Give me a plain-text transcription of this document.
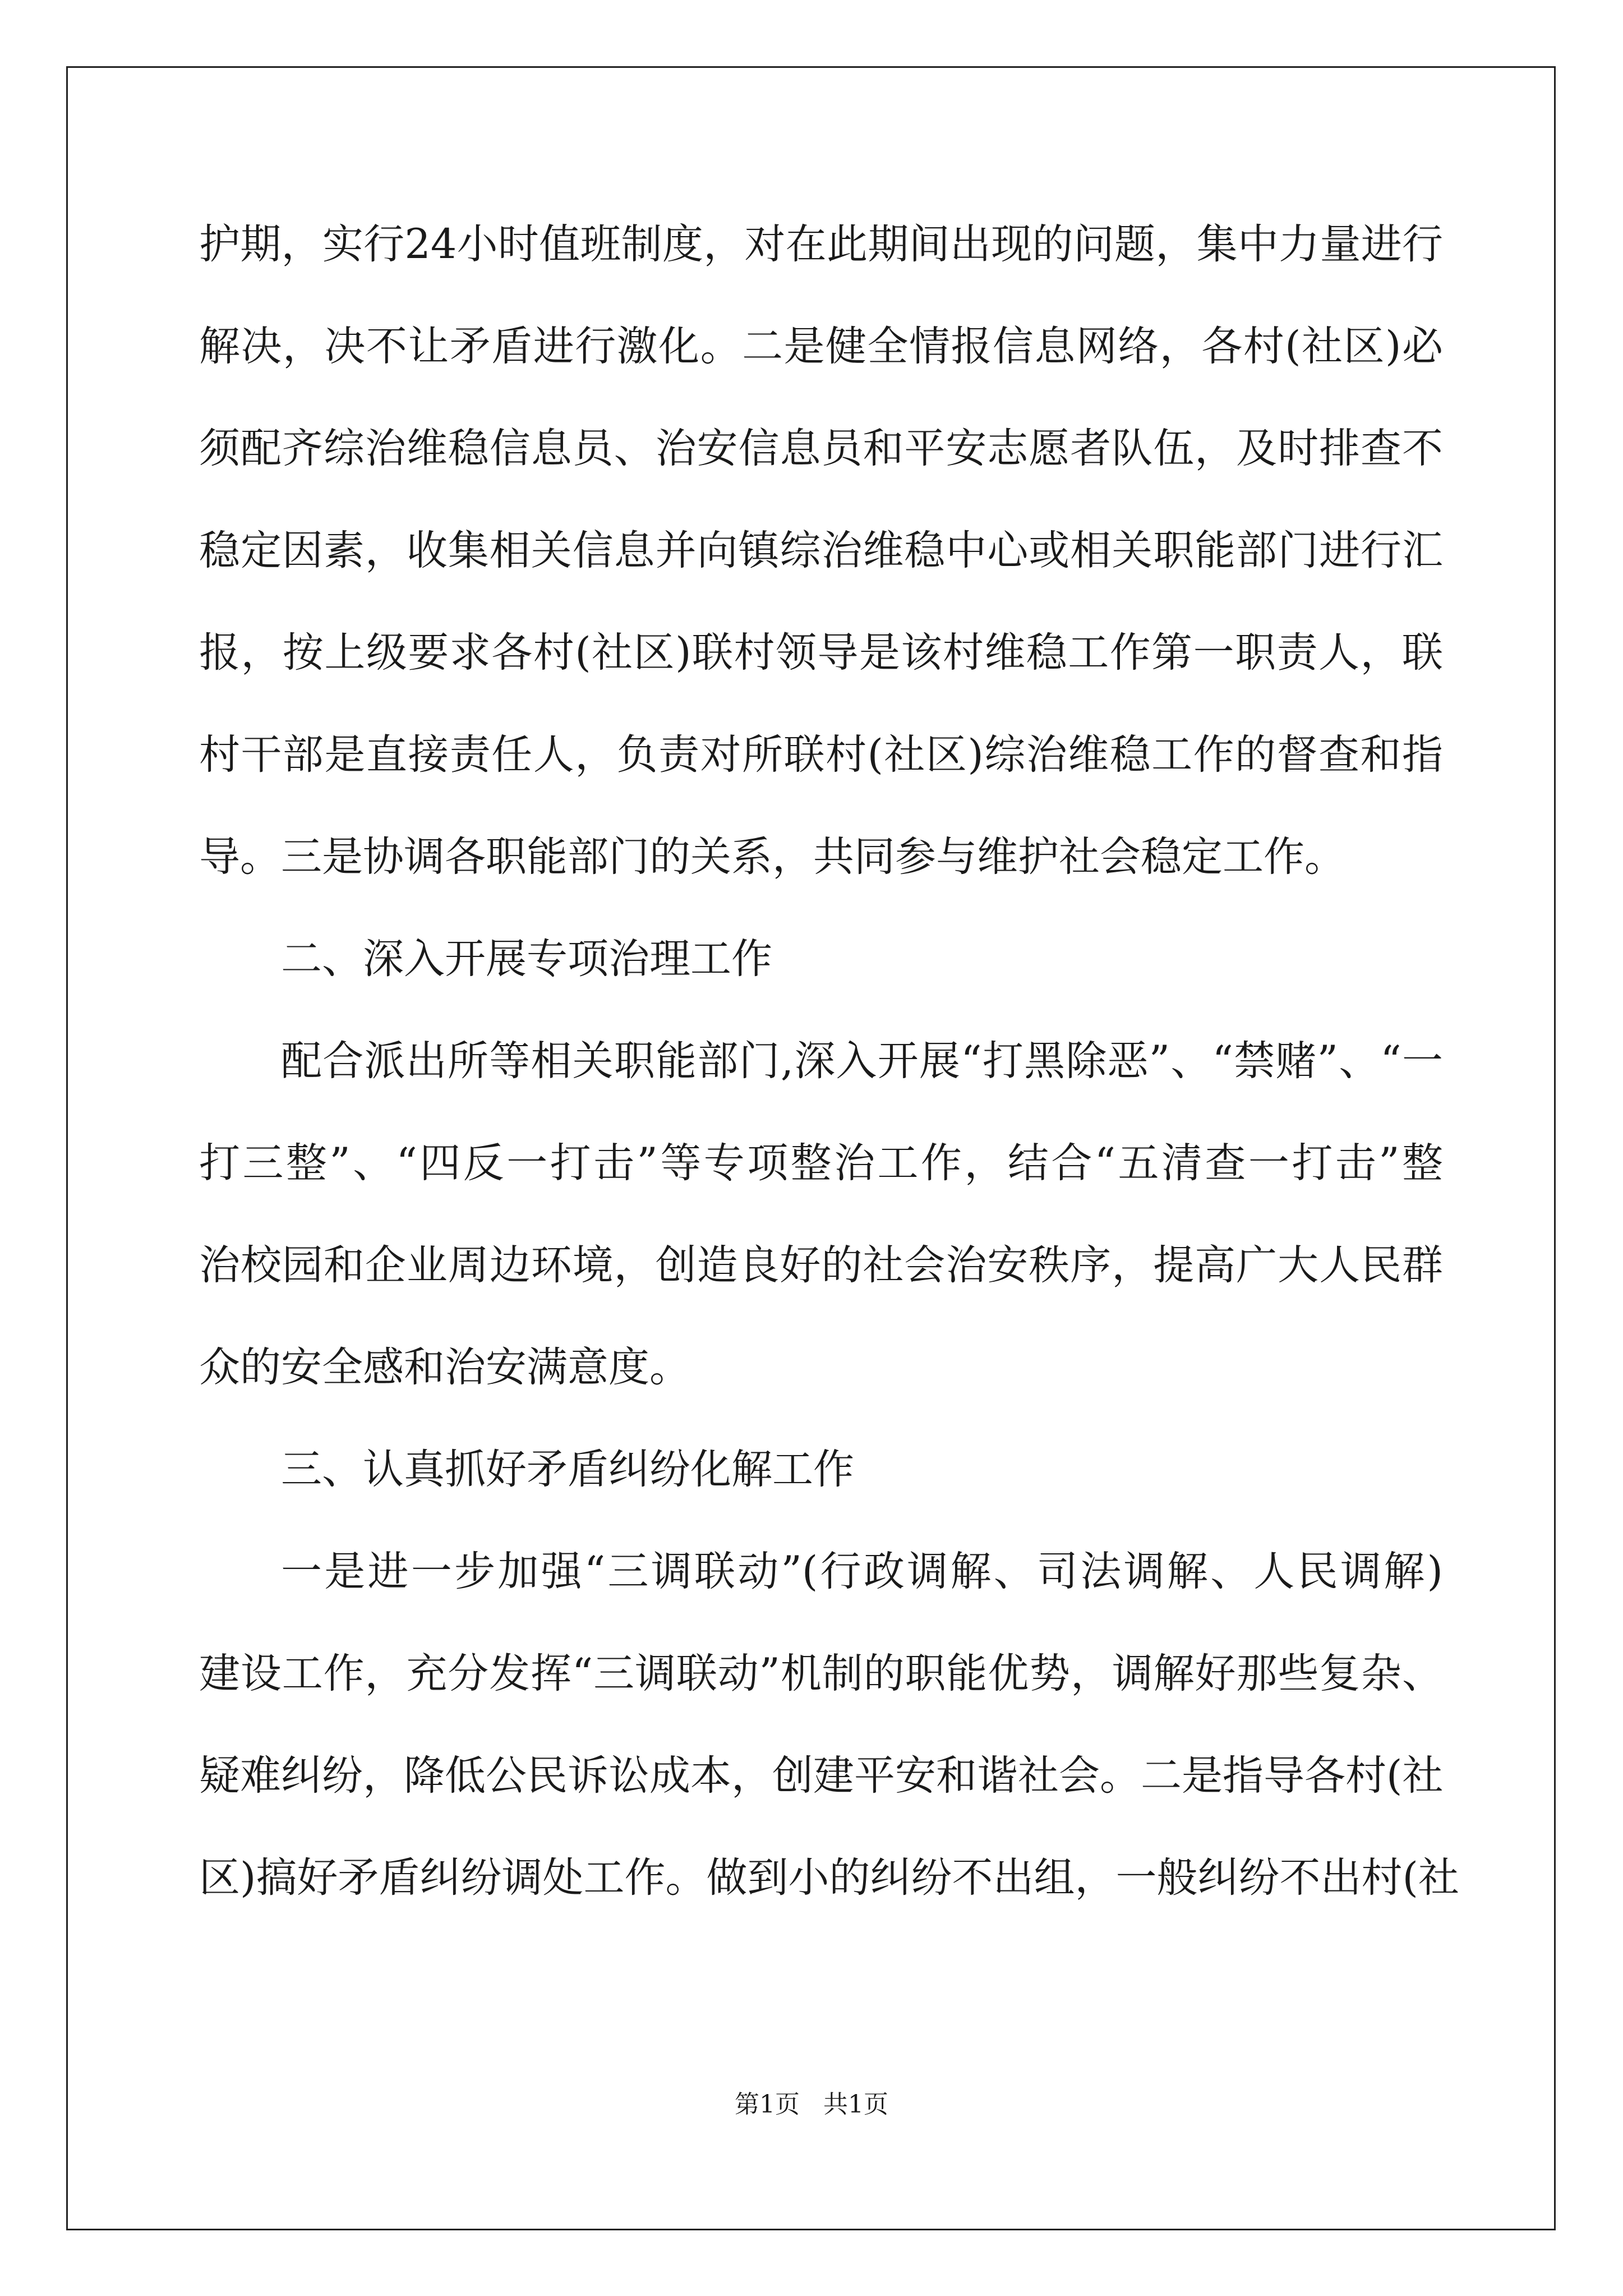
护期，实行24小时值班制度，对在此期间出现的问题，集中力量进行
解决，决不让矛盾进行激化。二是健全情报信息网络，各村(社区)必
须配齐综治维稳信息员、治安信息员和平安志愿者队伍，及时排查不
稳定因素，收集相关信息并向镇综治维稳中心或相关职能部门进行汇
报，按上级要求各村(社区)联村领导是该村维稳工作第一职责人，联
村干部是直接责任人，负责对所联村(社区)综治维稳工作的督查和指
导。三是协调各职能部门的关系，共同参与维护社会稳定工作。
二、深入开展专项治理工作
配合派出所等相关职能部门,深入开展“打黑除恶”、“禁赌”、“一
打三整”、“四反一打击”等专项整治工作，结合“五清查一打击”整
治校园和企业周边环境，创造良好的社会治安秩序，提高广大人民群
众的安全感和治安满意度。
三、认真抓好矛盾纠纷化解工作
一是进一步加强“三调联动”(行政调解、司法调解、人民调解)
建设工作，充分发挥“三调联动”机制的职能优势，调解好那些复杂、
疑难纠纷，降低公民诉讼成本，创建平安和谐社会。二是指导各村(社
区)搞好矛盾纠纷调处工作。做到小的纠纷不出组，一般纠纷不出村(社
第1页 共1页
